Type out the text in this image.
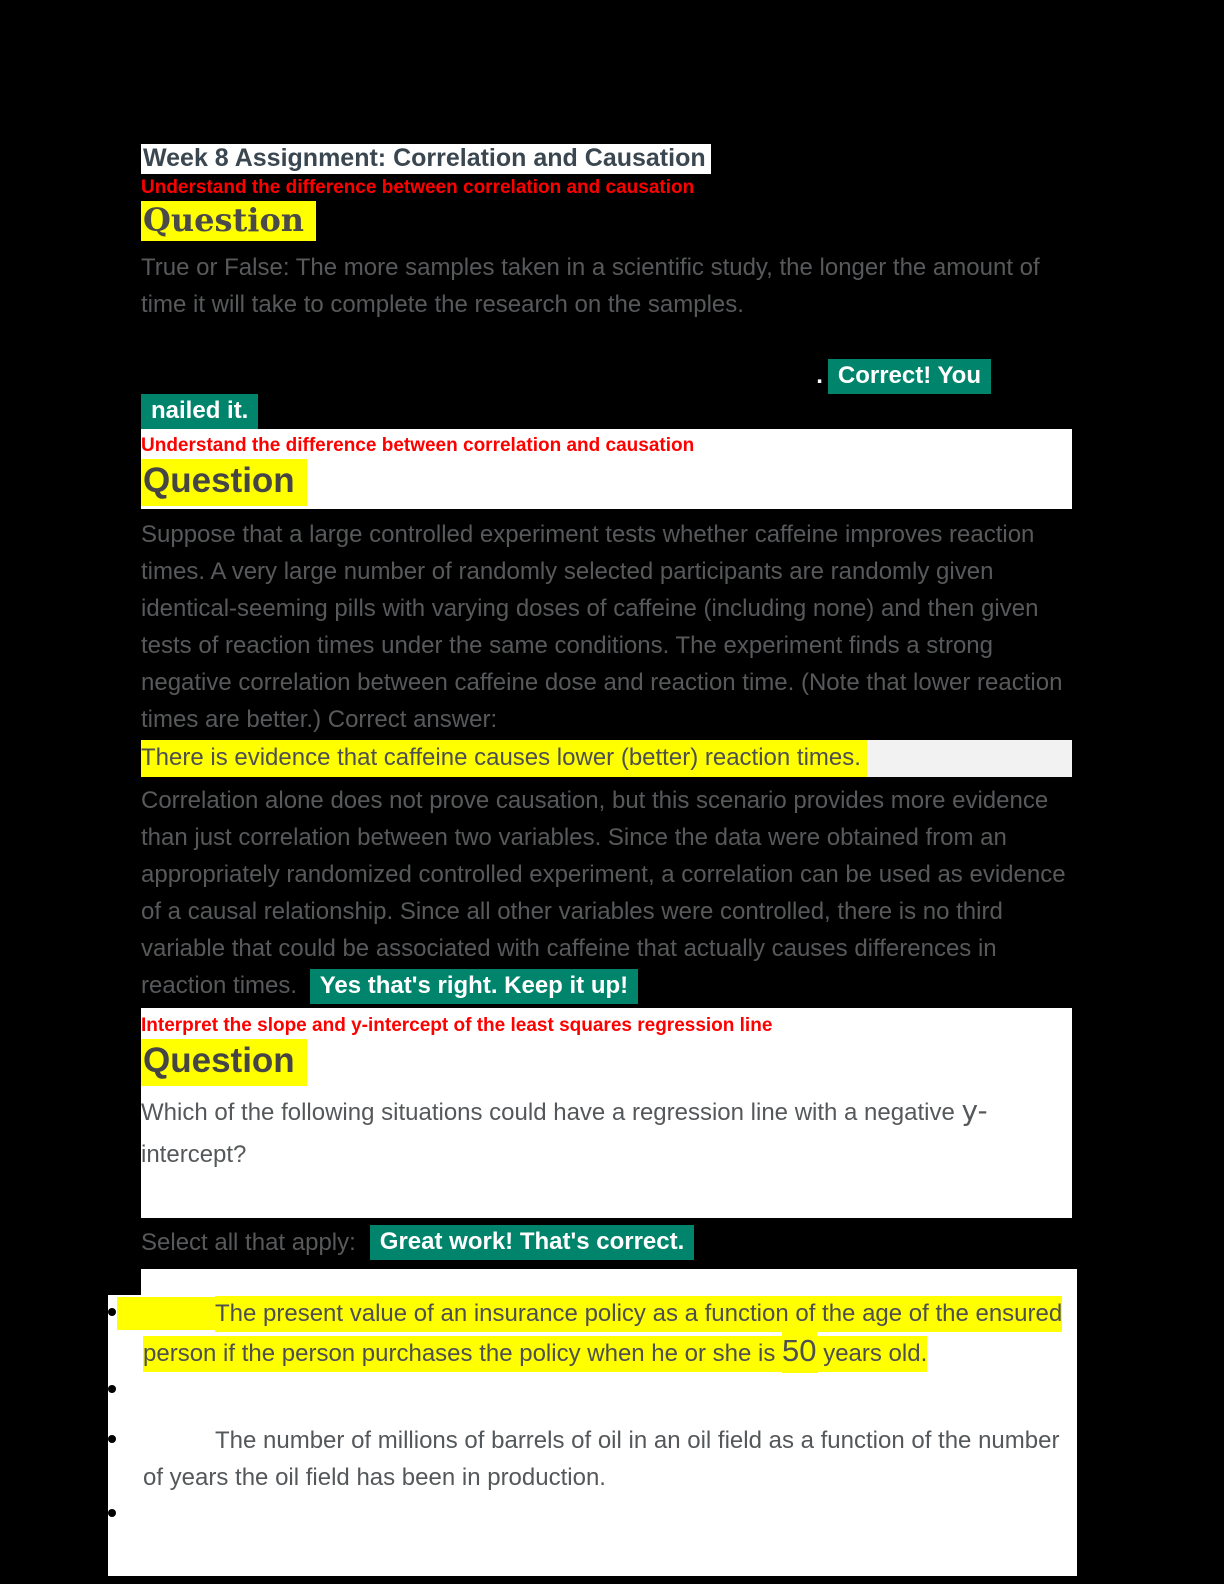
Week 8 Assignment: Correlation and Causation
Understand the difference between correlation and causation
Question
True or False: The more samples taken in a scientific study, the longer the amount of time it will take to complete the research on the samples.
. Correct! You
nailed it.
Understand the difference between correlation and causation
Question
Suppose that a large controlled experiment tests whether caffeine improves reaction times. A very large number of randomly selected participants are randomly given identical-seeming pills with varying doses of caffeine (including none) and then given tests of reaction times under the same conditions. The experiment finds a strong negative correlation between caffeine dose and reaction time. (Note that lower reaction times are better.) Correct answer:
There is evidence that caffeine causes lower (better) reaction times.
Correlation alone does not prove causation, but this scenario provides more evidence than just correlation between two variables. Since the data were obtained from an appropriately randomized controlled experiment, a correlation can be used as evidence of a causal relationship. Since all other variables were controlled, there is no third variable that could be associated with caffeine that actually causes differences in reaction times. Yes that's right. Keep it up!
Interpret the slope and y-intercept of the least squares regression line
Question
Which of the following situations could have a regression line with a negative y-intercept?
Select all that apply:	Great work! That's correct.
The present value of an insurance policy as a function of the age of the ensured person if the person purchases the policy when he or she is 50 years old.
The number of millions of barrels of oil in an oil field as a function of the number of years the oil field has been in production.
